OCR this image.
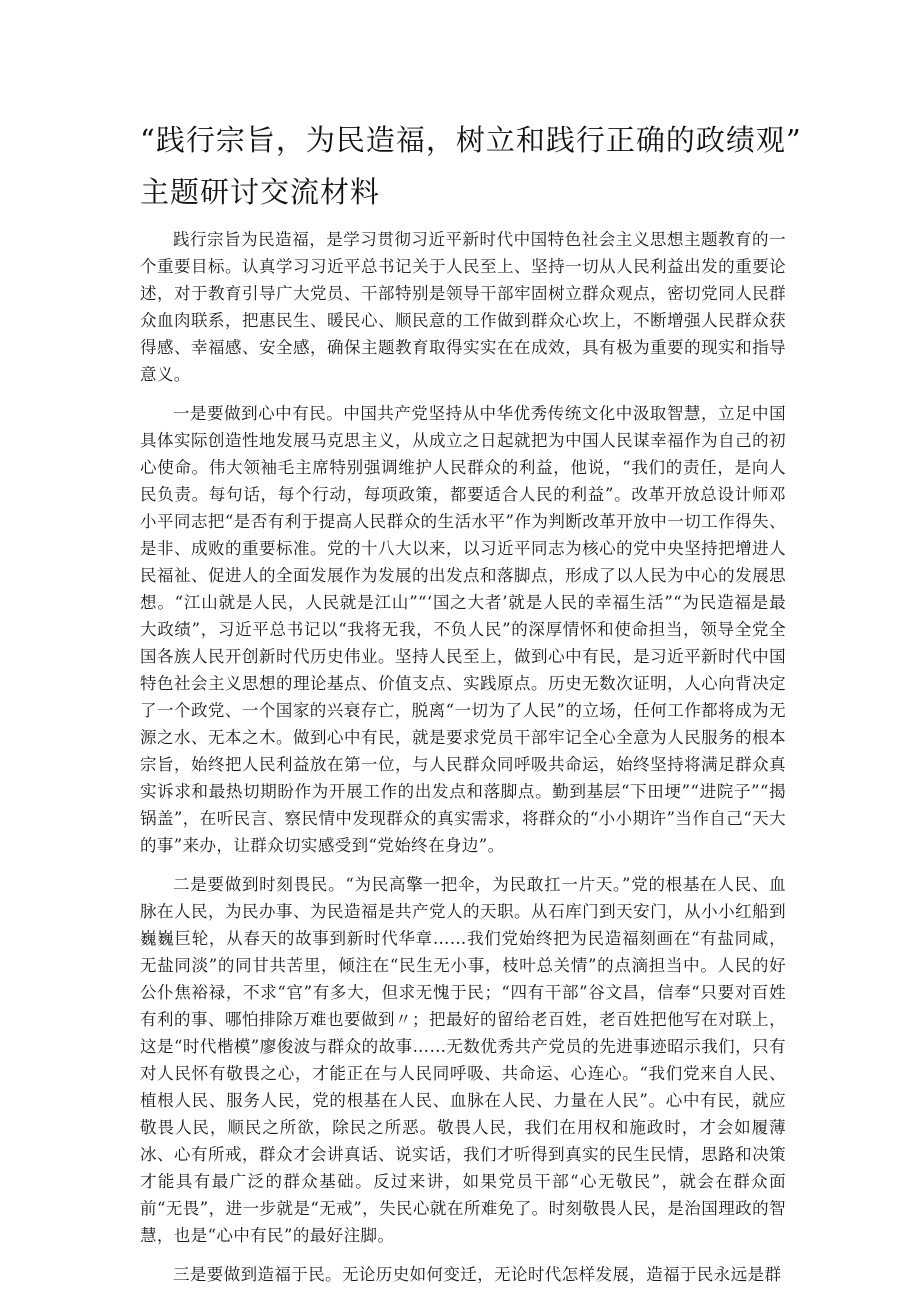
“践行宗旨，为民造福，树立和践行正确的政绩观”
主题研讨交流材料

践行宗旨为民造福，是学习贯彻习近平新时代中国特色社会主义思想主题教育的一个重要目标。认真学习习近平总书记关于人民至上、坚持一切从人民利益出发的重要论述，对于教育引导广大党员、干部特别是领导干部牢固树立群众观点，密切党同人民群众血肉联系，把惠民生、暖民心、顺民意的工作做到群众心坎上，不断增强人民群众获得感、幸福感、安全感，确保主题教育取得实实在在成效，具有极为重要的现实和指导意义。

一是要做到心中有民。中国共产党坚持从中华优秀传统文化中汲取智慧，立足中国具体实际创造性地发展马克思主义，从成立之日起就把为中国人民谋幸福作为自己的初心使命。伟大领袖毛主席特别强调维护人民群众的利益，他说，“我们的责任，是向人民负责。每句话，每个行动，每项政策，都要适合人民的利益”。改革开放总设计师邓小平同志把“是否有利于提高人民群众的生活水平”作为判断改革开放中一切工作得失、是非、成败的重要标准。党的十八大以来，以习近平同志为核心的党中央坚持把增进人民福祉、促进人的全面发展作为发展的出发点和落脚点，形成了以人民为中心的发展思想。“江山就是人民，人民就是江山”“‘国之大者’就是人民的幸福生活”“为民造福是最大政绩”，习近平总书记以“我将无我，不负人民”的深厚情怀和使命担当，领导全党全国各族人民开创新时代历史伟业。坚持人民至上，做到心中有民，是习近平新时代中国特色社会主义思想的理论基点、价值支点、实践原点。历史无数次证明，人心向背决定了一个政党、一个国家的兴衰存亡，脱离“一切为了人民”的立场，任何工作都将成为无源之水、无本之木。做到心中有民，就是要求党员干部牢记全心全意为人民服务的根本宗旨，始终把人民利益放在第一位，与人民群众同呼吸共命运，始终坚持将满足群众真实诉求和最热切期盼作为开展工作的出发点和落脚点。勤到基层“下田埂”“进院子”“揭锅盖”，在听民言、察民情中发现群众的真实需求，将群众的“小小期许”当作自己“天大的事”来办，让群众切实感受到“党始终在身边”。

二是要做到时刻畏民。“为民高擎一把伞，为民敢扛一片天。”党的根基在人民、血脉在人民，为民办事、为民造福是共产党人的天职。从石库门到天安门，从小小红船到巍巍巨轮，从春天的故事到新时代华章……我们党始终把为民造福刻画在“有盐同咸，无盐同淡”的同甘共苦里，倾注在“民生无小事，枝叶总关情”的点滴担当中。人民的好公仆焦裕禄，不求“官”有多大，但求无愧于民；“四有干部”谷文昌，信奉“只要对百姓有利的事、哪怕排除万难也要做到〃；把最好的留给老百姓，老百姓把他写在对联上，这是“时代楷模”廖俊波与群众的故事……无数优秀共产党员的先进事迹昭示我们，只有对人民怀有敬畏之心，才能正在与人民同呼吸、共命运、心连心。“我们党来自人民、植根人民、服务人民，党的根基在人民、血脉在人民、力量在人民”。心中有民，就应敬畏人民，顺民之所欲，除民之所恶。敬畏人民，我们在用权和施政时，才会如履薄冰、心有所戒，群众才会讲真话、说实话，我们才听得到真实的民生民情，思路和决策才能具有最广泛的群众基础。反过来讲，如果党员干部“心无敬民”，就会在群众面前“无畏”，进一步就是“无戒”，失民心就在所难免了。时刻敬畏人民，是治国理政的智慧，也是“心中有民”的最好注脚。

三是要做到造福于民。无论历史如何变迁，无论时代怎样发展，造福于民永远是群
